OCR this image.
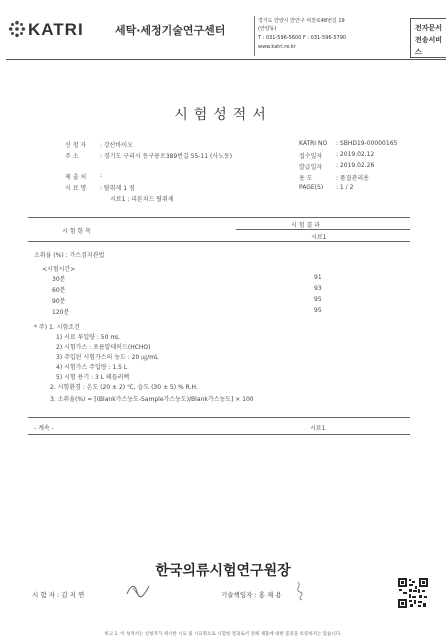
KATRI	세탁·세정기술연구센터
경기도 안양시 만안구 덕천로48번길 19
(안양동)
T : 031-596-5600 F : 031-596-5790
www.katri.re.kr
전자문서
전송서비스
시험성적서
신 청 자 : 강산바이오
주 소	: 경기도 구리시 동구릉로389번길 55-11 (사노동)
제 출 처 :
시 료 명 : 탈취제 1 점
시료1 : 피톤치드 탈취제
KATRI NO : SBHD19-00000165
접수일자 : 2019.02.12
발급일자 : 2019.02.26
용 도	: 품질관리용
PAGE(S) : 1 / 2
시 험 항 목
시 험 결 과
시료1
소취율 (%) : 가스검지관법
<시험시간>
30분	91
60분	93
90분	95
120분	95
* 주) 1. 시험조건
1) 시료 투입량 : 50 mL
2) 시험가스 : 포름알데히드(HCHO)
3) 주입된 시험가스의 농도 : 20 ㎍/mL
4) 시험가스 주입량 : 1.5 L
5) 시험 용기 : 3 L 테들러백
2. 시험환경 : 온도 (20 ± 2) ℃, 습도 (30 ± 5) % R.H.
3. 소취율(%) = [(Blank가스농도-Sample가스농도)/Blank가스농도] × 100
- 계속 -	시료1
한국의류시험연구원장
시 험 자 : 김 지 연	기술책임자 : 홍 재 용
비고 1. 이 성적서는 신청자가 제시한 시료 및 시료명으로 시험한 결과로서 전체 제품에 대한 품질을 보증하지는 않습니다.
